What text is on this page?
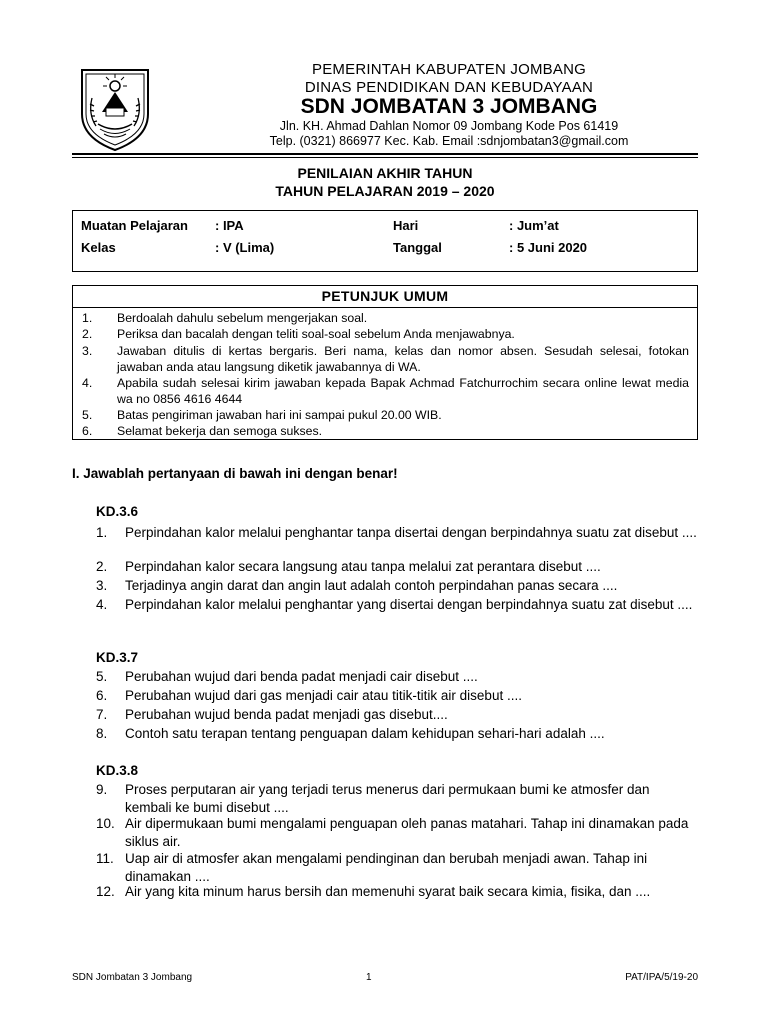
PEMERINTAH KABUPATEN JOMBANG
DINAS PENDIDIKAN DAN KEBUDAYAAN
SDN JOMBATAN 3 JOMBANG
Jln. KH. Ahmad Dahlan Nomor 09 Jombang Kode Pos 61419
Telp. (0321) 866977 Kec. Kab. Email :sdnjombatan3@gmail.com
PENILAIAN AKHIR TAHUN
TAHUN PELAJARAN 2019 – 2020
Muatan Pelajaran : IPA	Hari	: Jum’at
Kelas	: V (Lima)	Tanggal	: 5 Juni 2020
PETUNJUK UMUM
1. Berdoalah dahulu sebelum mengerjakan soal.
2. Periksa dan bacalah dengan teliti soal-soal sebelum Anda menjawabnya.
3. Jawaban ditulis di kertas bergaris. Beri nama, kelas dan nomor absen. Sesudah selesai, fotokan jawaban anda atau langsung diketik jawabannya di WA.
4. Apabila sudah selesai kirim jawaban kepada Bapak Achmad Fatchurrochim secara online lewat media wa no 0856 4616 4644
5. Batas pengiriman jawaban hari ini sampai pukul 20.00 WIB.
6. Selamat bekerja dan semoga sukses.
I. Jawablah pertanyaan di bawah ini dengan benar!
KD.3.6
1. Perpindahan kalor melalui penghantar tanpa disertai dengan berpindahnya suatu zat disebut ....
2. Perpindahan kalor secara langsung atau tanpa melalui zat perantara disebut ....
3. Terjadinya angin darat dan angin laut adalah contoh perpindahan panas secara ....
4. Perpindahan kalor melalui penghantar yang disertai dengan berpindahnya suatu zat disebut ....
KD.3.7
5. Perubahan wujud dari benda padat menjadi cair disebut ....
6. Perubahan wujud dari gas menjadi cair atau titik-titik air disebut ....
7. Perubahan wujud benda padat menjadi gas disebut....
8. Contoh satu terapan tentang penguapan dalam kehidupan sehari-hari adalah ....
KD.3.8
9. Proses perputaran air yang terjadi terus menerus dari permukaan bumi ke atmosfer dan kembali ke bumi disebut ....
10. Air dipermukaan bumi mengalami penguapan oleh panas matahari. Tahap ini dinamakan pada siklus air.
11. Uap air di atmosfer akan mengalami pendinginan dan berubah menjadi awan. Tahap ini dinamakan ....
12. Air yang kita minum harus bersih dan memenuhi syarat baik secara kimia, fisika, dan ....
SDN Jombatan 3 Jombang	1	PAT/IPA/5/19-20
